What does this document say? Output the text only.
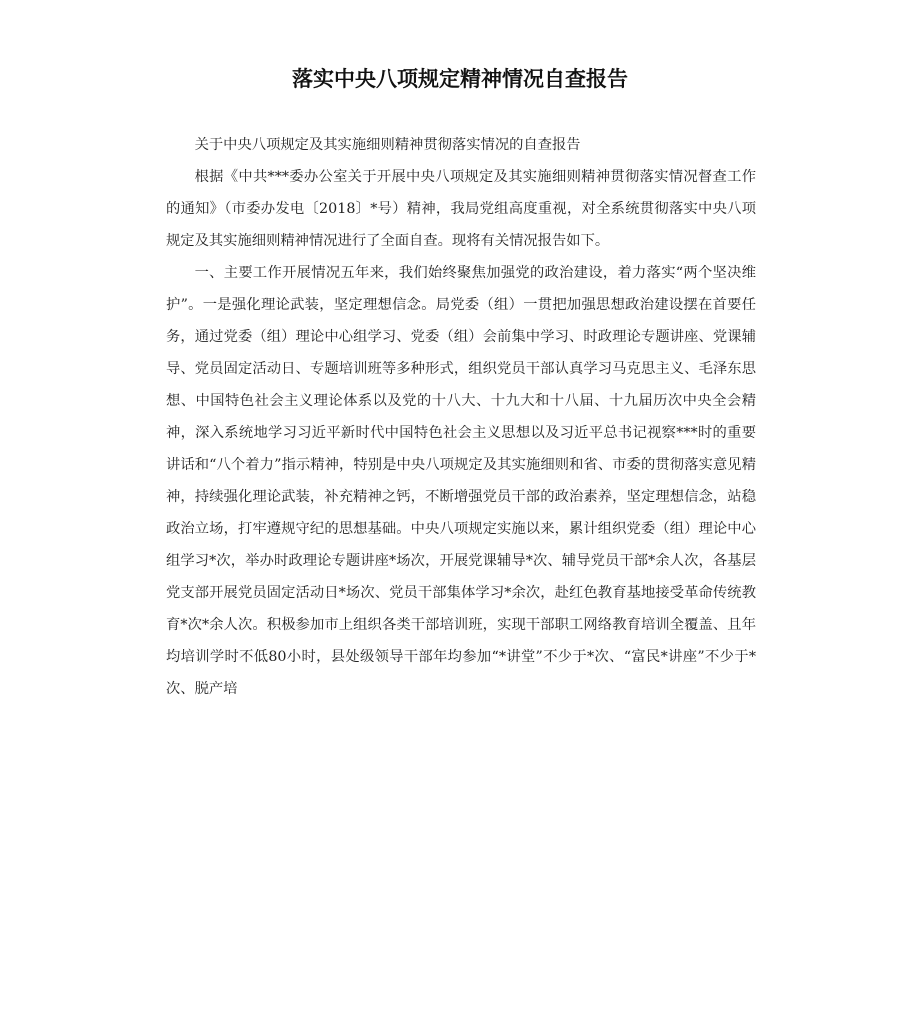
落实中央八项规定精神情况自查报告

关于中央八项规定及其实施细则精神贯彻落实情况的自查报告

根据《中共***委办公室关于开展中央八项规定及其实施细则精神贯彻落实情况督查工作的通知》（市委办发电〔2018〕*号）精神，我局党组高度重视，对全系统贯彻落实中央八项规定及其实施细则精神情况进行了全面自查。现将有关情况报告如下。

一、主要工作开展情况五年来，我们始终聚焦加强党的政治建设，着力落实“两个坚决维护”。一是强化理论武装，坚定理想信念。局党委（组）一贯把加强思想政治建设摆在首要任务，通过党委（组）理论中心组学习、党委（组）会前集中学习、时政理论专题讲座、党课辅导、党员固定活动日、专题培训班等多种形式，组织党员干部认真学习马克思主义、毛泽东思想、中国特色社会主义理论体系以及党的十八大、十九大和十八届、十九届历次中央全会精神，深入系统地学习习近平新时代中国特色社会主义思想以及习近平总书记视察***时的重要讲话和“八个着力”指示精神，特别是中央八项规定及其实施细则和省、市委的贯彻落实意见精神，持续强化理论武装，补充精神之钙，不断增强党员干部的政治素养，坚定理想信念，站稳政治立场，打牢遵规守纪的思想基础。中央八项规定实施以来，累计组织党委（组）理论中心组学习*次，举办时政理论专题讲座*场次，开展党课辅导*次、辅导党员干部*余人次，各基层党支部开展党员固定活动日*场次、党员干部集体学习*余次，赴红色教育基地接受革命传统教育*次*余人次。积极参加市上组织各类干部培训班，实现干部职工网络教育培训全覆盖、且年均培训学时不低80小时，县处级领导干部年均参加“*讲堂”不少于*次、“富民*讲座”不少于*次、脱产培
